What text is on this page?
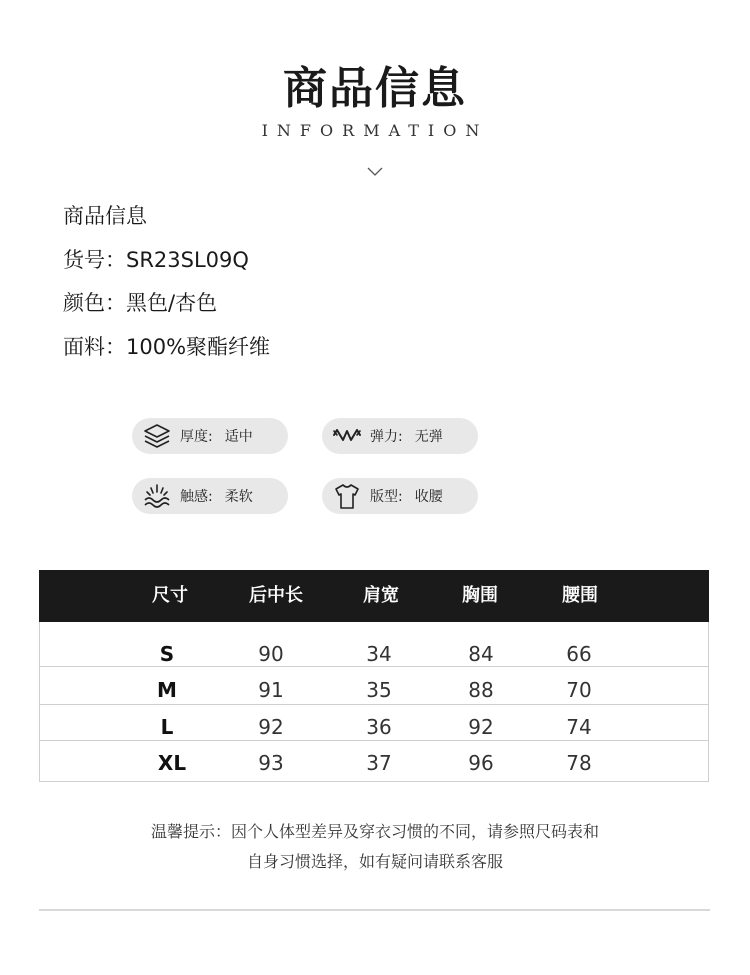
商品信息
INFORMATION
商品信息
货号：SR23SL09Q
颜色：黑色/杏色
面料：100%聚酯纤维
厚度: 适中	弹力: 无弹
触感: 柔软	版型: 收腰
尺寸	后中长	肩宽	胸围	腰围
S	90	34	84	66
M	91	35	88	70
L	92	36	92	74
XL	93	37	96	78
温馨提示：因个人体型差异及穿衣习惯的不同，请参照尺码表和
自身习惯选择，如有疑问请联系客服
